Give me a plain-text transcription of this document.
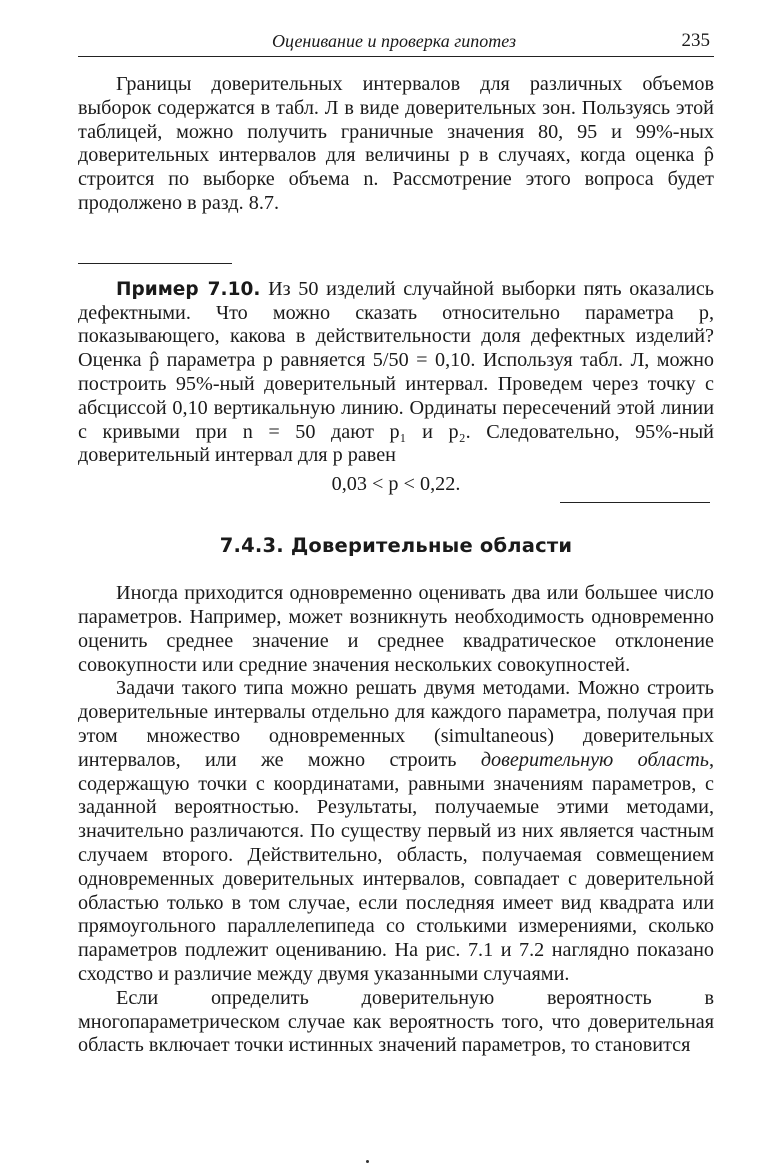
Оценивание и проверка гипотез	235

Границы доверительных интервалов для различных объемов выборок содержатся в табл. Л в виде доверительных зон. Пользуясь этой таблицей, можно получить граничные значения 80, 95 и 99%-ных доверительных интервалов для величины p в случаях, когда оценка p̂ строится по выборке объема n. Рассмотрение этого вопроса будет продолжено в разд. 8.7.

Пример 7.10. Из 50 изделий случайной выборки пять оказались дефектными. Что можно сказать относительно параметра p, показывающего, какова в действительности доля дефектных изделий? Оценка p̂ параметра p равняется 5/50 = 0,10. Используя табл. Л, можно построить 95%-ный доверительный интервал. Проведем через точку с абсциссой 0,10 вертикальную линию. Ординаты пересечений этой линии с кривыми при n = 50 дают p₁ и p₂. Следовательно, 95%-ный доверительный интервал для p равен

0,03 < p < 0,22.
7.4.3. Доверительные области

Иногда приходится одновременно оценивать два или большее число параметров. Например, может возникнуть необходимость одновременно оценить среднее значение и среднее квадратическое отклонение совокупности или средние значения нескольких совокупностей.

Задачи такого типа можно решать двумя методами. Можно строить доверительные интервалы отдельно для каждого параметра, получая при этом множество одновременных (simultaneous) доверительных интервалов, или же можно строить доверительную область, содержащую точки с координатами, равными значениям параметров, с заданной вероятностью. Результаты, получаемые этими методами, значительно различаются. По существу первый из них является частным случаем второго. Действительно, область, получаемая совмещением одновременных доверительных интервалов, совпадает с доверительной областью только в том случае, если последняя имеет вид квадрата или прямоугольного параллелепипеда со столькими измерениями, сколько параметров подлежит оцениванию. На рис. 7.1 и 7.2 наглядно показано сходство и различие между двумя указанными случаями.

Если определить доверительную вероятность в многопараметрическом случае как вероятность того, что доверительная область включает точки истинных значений параметров, то становится
